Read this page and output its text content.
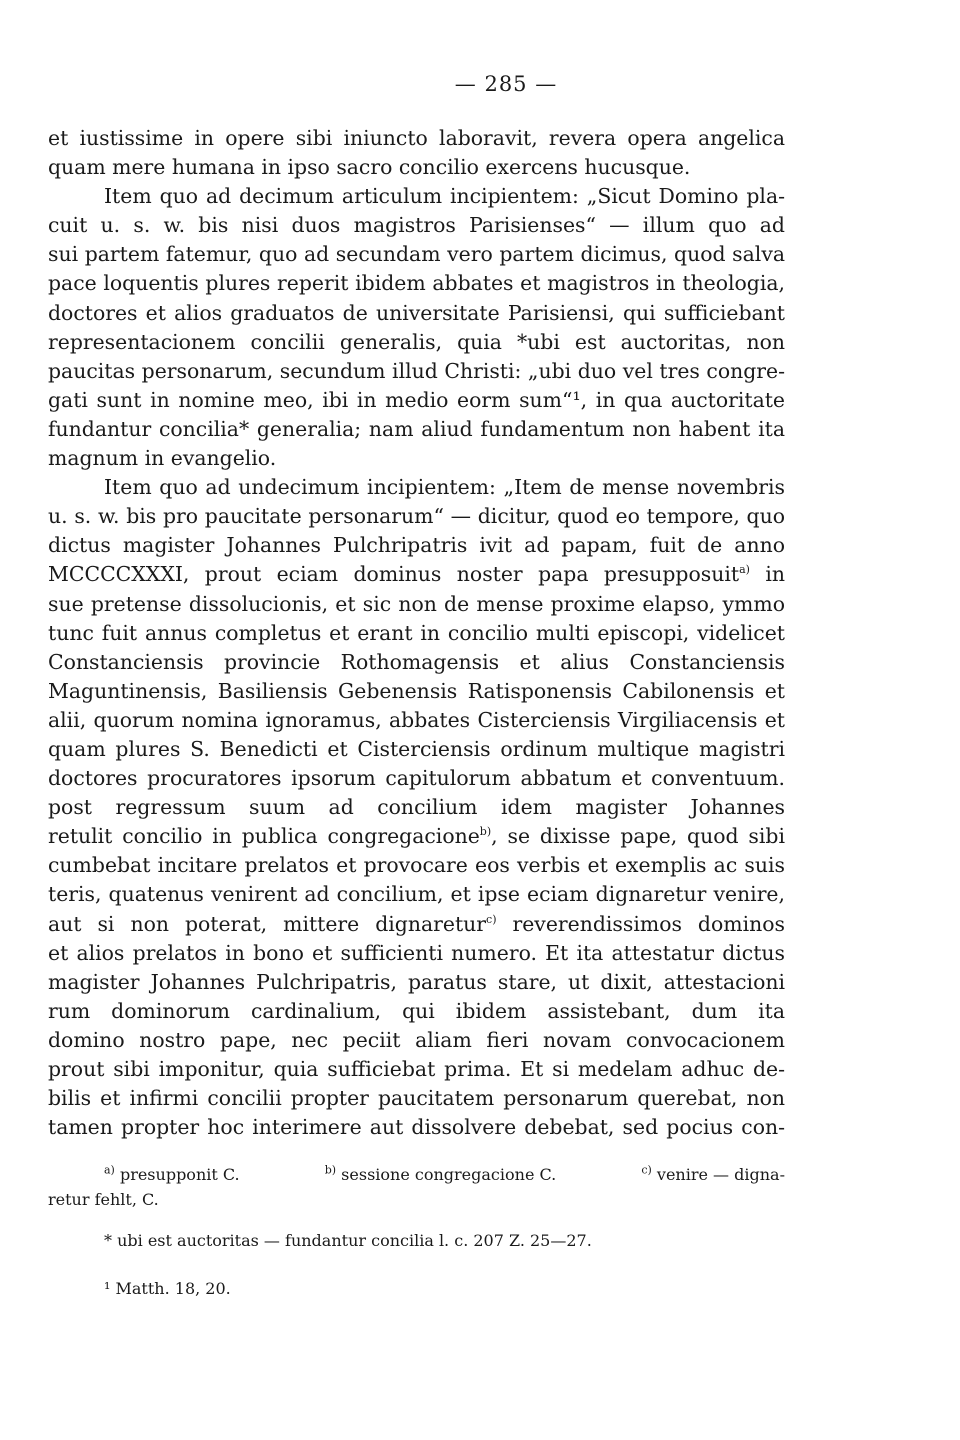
— 285 —
et iustissime in opere sibi iniuncto laboravit, revera opera angelica
quam mere humana in ipso sacro concilio exercens hucusque.
Item quo ad decimum articulum incipientem: „Sicut Domino pla-
cuit u. s. w. bis nisi duos magistros Parisienses“ — illum quo ad
sui partem fatemur, quo ad secundam vero partem dicimus, quod salva
pace loquentis plures reperit ibidem abbates et magistros in theologia,
doctores et alios graduatos de universitate Parisiensi, qui sufficiebant
representacionem concilii generalis, quia *ubi est auctoritas, non
paucitas personarum, secundum illud Christi: „ubi duo vel tres congre-
gati sunt in nomine meo, ibi in medio eorm sum“¹, in qua auctoritate
fundantur concilia* generalia; nam aliud fundamentum non habent ita
magnum in evangelio.
Item quo ad undecimum incipientem: „Item de mense novembris
u. s. w. bis pro paucitate personarum“ — dicitur, quod eo tempore, quo
dictus magister Johannes Pulchripatris ivit ad papam, fuit de anno
MCCCCXXXI, prout eciam dominus noster papa presupposuit$^{a)}$ in
sue pretense dissolucionis, et sic non de mense proxime elapso, ymmo
tunc fuit annus completus et erant in concilio multi episcopi, videlicet
Constanciensis provincie Rothomagensis et alius Constanciensis
Maguntinensis, Basiliensis Gebenensis Ratisponensis Cabilonensis et
alii, quorum nomina ignoramus, abbates Cisterciensis Virgiliacensis et
quam plures S. Benedicti et Cisterciensis ordinum multique magistri
doctores procuratores ipsorum capitulorum abbatum et conventuum.
post regressum suum ad concilium idem magister Johannes
retulit concilio in publica congregacione$^{b)}$, se dixisse pape, quod sibi
cumbebat incitare prelatos et provocare eos verbis et exemplis ac suis
teris, quatenus venirent ad concilium, et ipse eciam dignaretur venire,
aut si non poterat, mittere dignaretur$^{c)}$ reverendissimos dominos
et alios prelatos in bono et sufficienti numero. Et ita attestatur dictus
magister Johannes Pulchripatris, paratus stare, ut dixit, attestacioni
rum dominorum cardinalium, qui ibidem assistebant, dum ita
domino nostro pape, nec peciit aliam fieri novam convocacionem
prout sibi imponitur, quia sufficiebat prima. Et si medelam adhuc de-
bilis et infirmi concilii propter paucitatem personarum querebat, non
tamen propter hoc interimere aut dissolvere debebat, sed pocius con-
$^{a)}$ presupponit C.	$^{b)}$ sessione congregacione C.	$^{c)}$ venire — digna-
retur fehlt, C.
* ubi est auctoritas — fundantur concilia l. c. 207 Z. 25—27.
¹ Matth. 18, 20.
